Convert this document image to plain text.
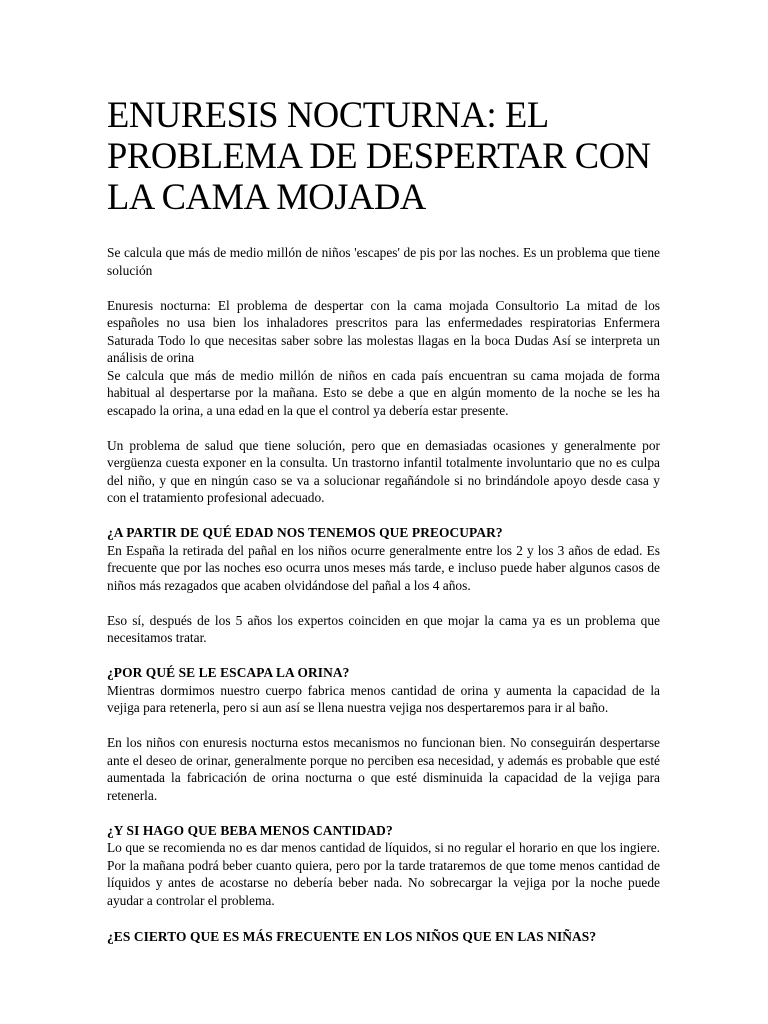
ENURESIS NOCTURNA: EL PROBLEMA DE DESPERTAR CON LA CAMA MOJADA

Se calcula que más de medio millón de niños 'escapes' de pis por las noches. Es un problema que tiene solución

Enuresis nocturna: El problema de despertar con la cama mojada Consultorio La mitad de los españoles no usa bien los inhaladores prescritos para las enfermedades respiratorias Enfermera Saturada Todo lo que necesitas saber sobre las molestas llagas en la boca Dudas Así se interpreta un análisis de orina

Se calcula que más de medio millón de niños en cada país encuentran su cama mojada de forma habitual al despertarse por la mañana. Esto se debe a que en algún momento de la noche se les ha escapado la orina, a una edad en la que el control ya debería estar presente.

Un problema de salud que tiene solución, pero que en demasiadas ocasiones y generalmente por vergüenza cuesta exponer en la consulta. Un trastorno infantil totalmente involuntario que no es culpa del niño, y que en ningún caso se va a solucionar regañándole si no brindándole apoyo desde casa y con el tratamiento profesional adecuado.

¿A PARTIR DE QUÉ EDAD NOS TENEMOS QUE PREOCUPAR?

En España la retirada del pañal en los niños ocurre generalmente entre los 2 y los 3 años de edad. Es frecuente que por las noches eso ocurra unos meses más tarde, e incluso puede haber algunos casos de niños más rezagados que acaben olvidándose del pañal a los 4 años.

Eso sí, después de los 5 años los expertos coinciden en que mojar la cama ya es un problema que necesitamos tratar.

¿POR QUÉ SE LE ESCAPA LA ORINA?

Mientras dormimos nuestro cuerpo fabrica menos cantidad de orina y aumenta la capacidad de la vejiga para retenerla, pero si aun así se llena nuestra vejiga nos despertaremos para ir al baño.

En los niños con enuresis nocturna estos mecanismos no funcionan bien. No conseguirán despertarse ante el deseo de orinar, generalmente porque no perciben esa necesidad, y además es probable que esté aumentada la fabricación de orina nocturna o que esté disminuida la capacidad de la vejiga para retenerla.

¿Y SI HAGO QUE BEBA MENOS CANTIDAD?

Lo que se recomienda no es dar menos cantidad de líquidos, si no regular el horario en que los ingiere. Por la mañana podrá beber cuanto quiera, pero por la tarde trataremos de que tome menos cantidad de líquidos y antes de acostarse no debería beber nada. No sobrecargar la vejiga por la noche puede ayudar a controlar el problema.

¿ES CIERTO QUE ES MÁS FRECUENTE EN LOS NIÑOS QUE EN LAS NIÑAS?
